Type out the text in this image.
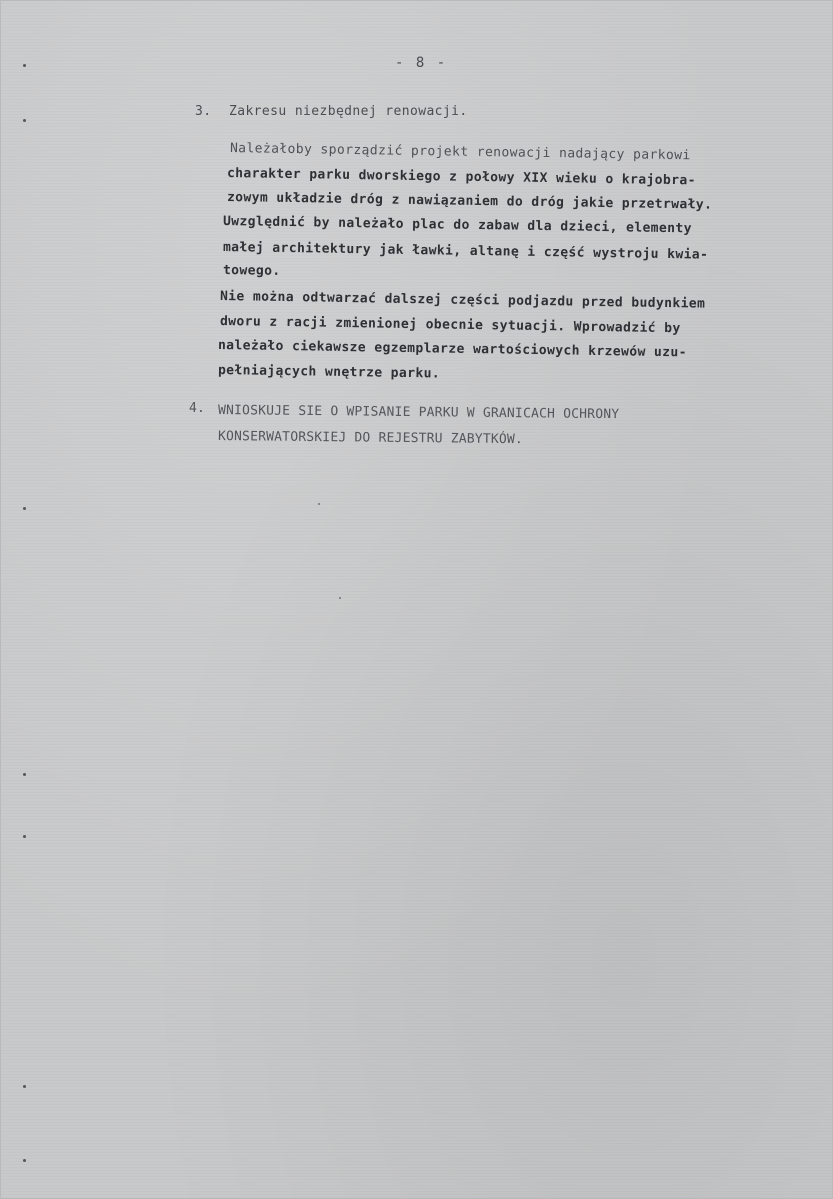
- 8 -
3. Zakresu niezbędnej renowacji.
Należałoby sporządzić projekt renowacji nadający parkowi
charakter parku dworskiego z połowy XIX wieku o krajobra-
zowym układzie dróg z nawiązaniem do dróg jakie przetrwały.
Uwzględnić by należało plac do zabaw dla dzieci, elementy
małej architektury jak ławki, altanę i część wystroju kwia-
towego.
Nie można odtwarzać dalszej części podjazdu przed budynkiem
dworu z racji zmienionej obecnie sytuacji. Wprowadzić by
należało ciekawsze egzemplarze wartościowych krzewów uzu-
pełniających wnętrze parku.
4. WNIOSKUJE SIE O WPISANIE PARKU W GRANICACH OCHRONY
KONSERWATORSKIEJ DO REJESTRU ZABYTKÓW.
